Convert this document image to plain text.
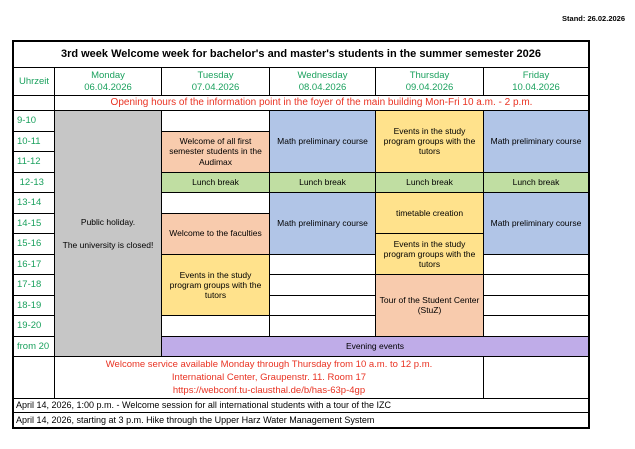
Stand: 26.02.2026
3rd week Welcome week for bachelor's and master's students in the summer semester 2026
Uhrzeit
Monday
06.04.2026
Tuesday
07.04.2026
Wednesday
08.04.2026
Thursday
09.04.2026
Friday
10.04.2026
Opening hours of the information point in the foyer of the main building Mon-Fri 10 a.m. - 2 p.m.
9-10
10-11
11-12
12-13
13-14
14-15
15-16
16-17
17-18
18-19
19-20
from 20
Public holiday.
The university is closed!
Welcome of all first semester students in the Audimax
Lunch break
Welcome to the faculties
Events in the study program groups with the tutors
Math preliminary course
Lunch break
Math preliminary course
Events in the study program groups with the tutors
Lunch break
timetable creation
Events in the study program groups with the tutors
Tour of the Student Center (StuZ)
Math preliminary course
Lunch break
Math preliminary course
Evening events
Welcome service available Monday through Thursday from 10 a.m. to 12 p.m.
International Center, Graupenstr. 11. Room 17
https://webconf.tu-clausthal.de/b/has-63p-4gp
April 14, 2026, 1:00 p.m. - Welcome session for all international students with a tour of the IZC
April 14, 2026, starting at 3 p.m. Hike through the Upper Harz Water Management System
